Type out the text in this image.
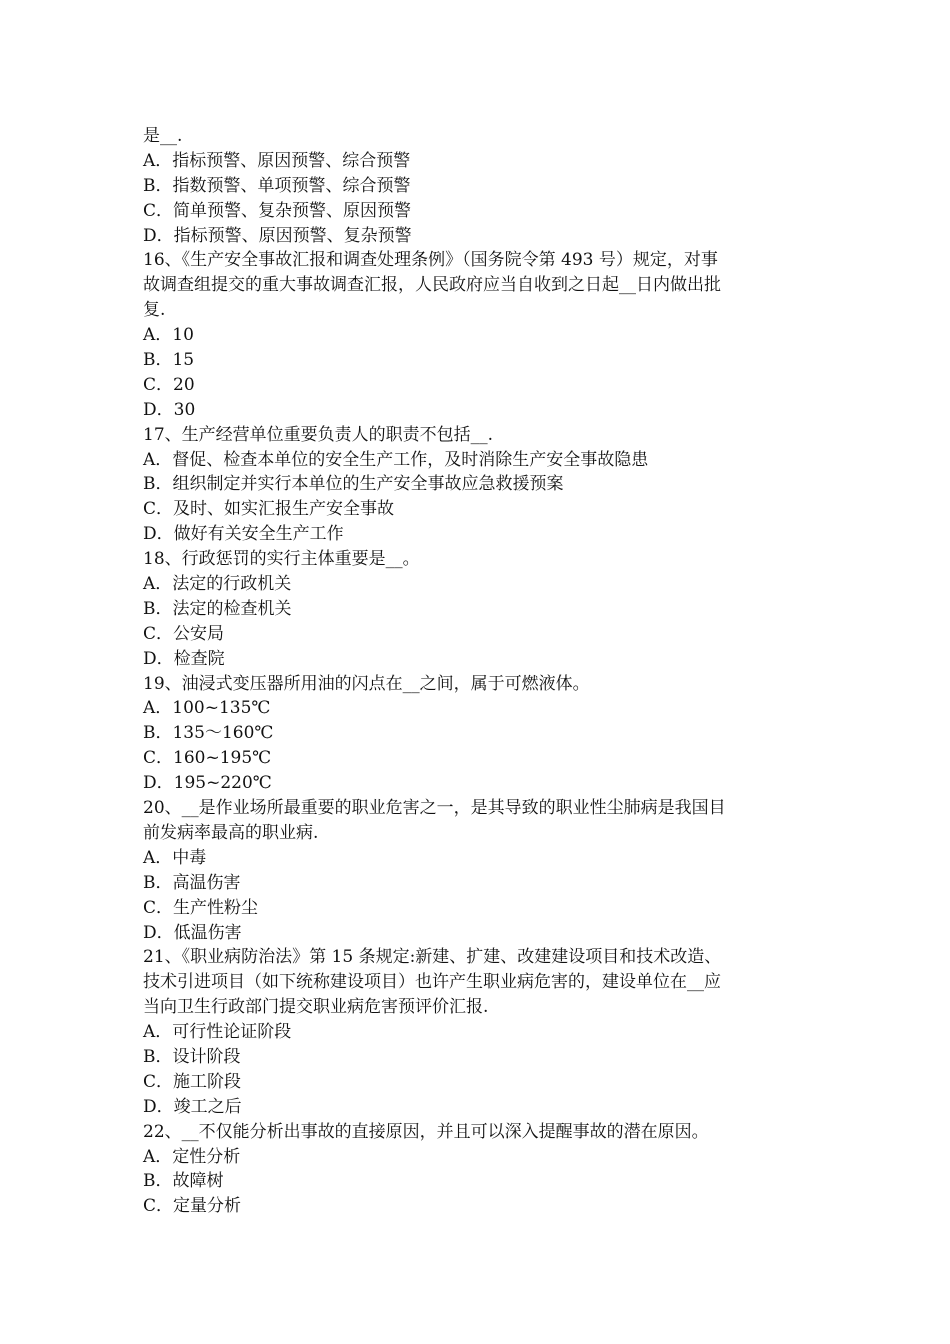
是__.

A．指标预警、原因预警、综合预警

B．指数预警、单项预警、综合预警

C．简单预警、复杂预警、原因预警

D．指标预警、原因预警、复杂预警

16、《生产安全事故汇报和调查处理条例》（国务院令第 493 号）规定，对事

故调查组提交的重大事故调查汇报，人民政府应当自收到之日起__日内做出批

复.

A．10

B．15

C．20

D．30

17、生产经营单位重要负责人的职责不包括__.

A．督促、检查本单位的安全生产工作，及时消除生产安全事故隐患

B．组织制定并实行本单位的生产安全事故应急救援预案

C．及时、如实汇报生产安全事故

D．做好有关安全生产工作

18、行政惩罚的实行主体重要是__。

A．法定的行政机关

B．法定的检查机关

C．公安局

D．检查院

19、油浸式变压器所用油的闪点在__之间，属于可燃液体。

A．100~135℃

B．135～160℃

C．160~195℃

D．195~220℃

20、__是作业场所最重要的职业危害之一，是其导致的职业性尘肺病是我国目

前发病率最高的职业病.

A．中毒

B．高温伤害

C．生产性粉尘

D．低温伤害

21、《职业病防治法》第 15 条规定:新建、扩建、改建建设项目和技术改造、

技术引进项目（如下统称建设项目）也许产生职业病危害的，建设单位在__应

当向卫生行政部门提交职业病危害预评价汇报.

A．可行性论证阶段

B．设计阶段

C．施工阶段

D．竣工之后

22、__不仅能分析出事故的直接原因，并且可以深入提醒事故的潜在原因。

A．定性分析

B．故障树

C．定量分析
